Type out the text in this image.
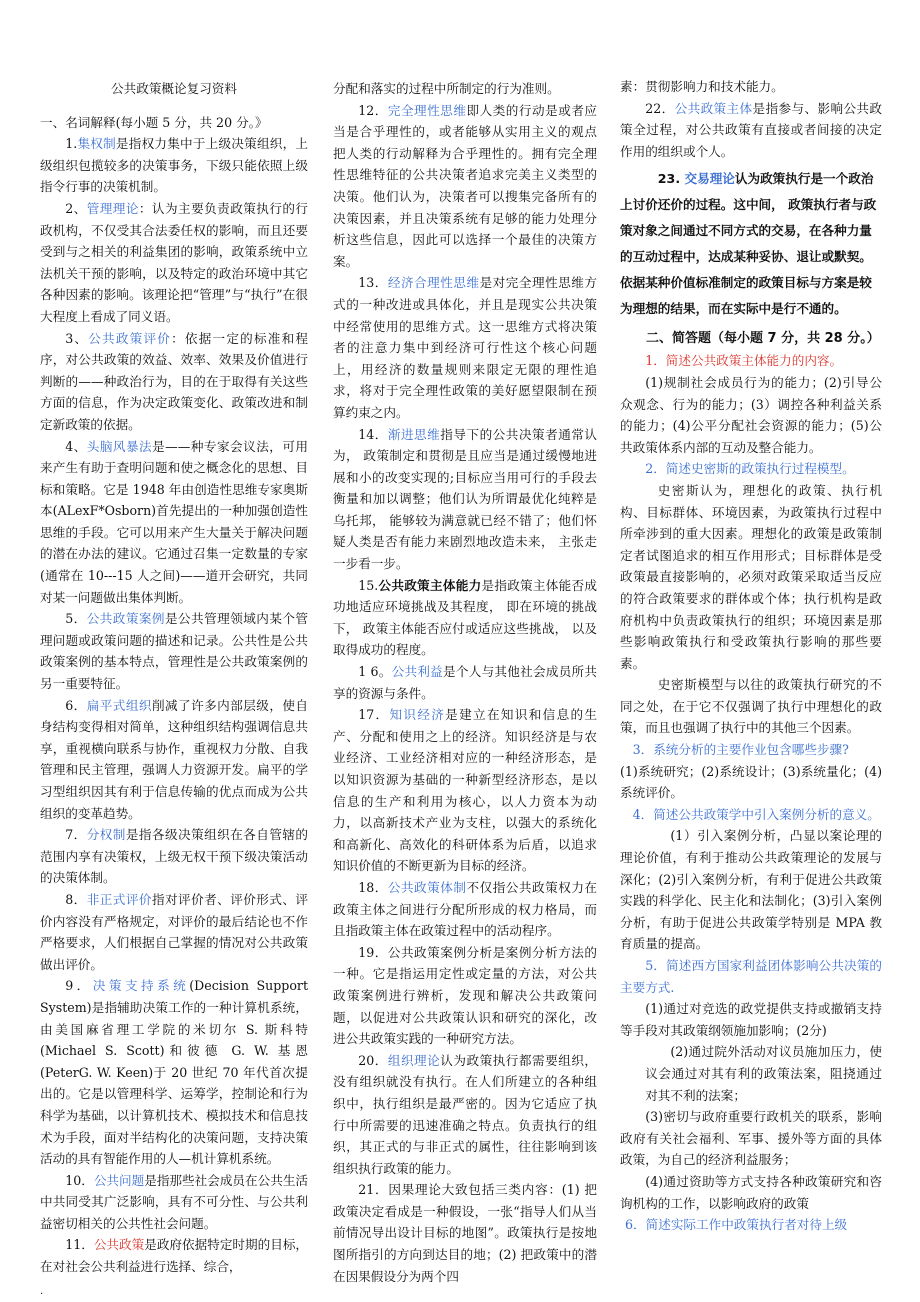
公共政策概论复习资料

一、名词解释(每小题 5 分，共 20 分。》

1.集权制是指权力集中于上级决策组织，上级组织包揽较多的决策事务，下级只能依照上级指令行事的决策机制。

2、管理理论：认为主要负责政策执行的行政机构，不仅受其合法委任权的影响，而且还要受到与之相关的利益集团的影响，政策系统中立法机关干预的影响，以及特定的政治环境中其它各种因素的影响。该理论把“管理”与“执行”在很大程度上看成了同义语。

3、公共政策评价：依据一定的标准和程序，对公共政策的效益、效率、效果及价值进行判断的——种政治行为，目的在于取得有关这些方面的信息，作为决定政策变化、政策改进和制定新政策的依据。

4、头脑风暴法是——种专家会议法，可用来产生有助于查明问题和使之概念化的思想、目标和策略。它是 1948 年由创造性思维专家奥斯本(ALexF*Osborn)首先提出的一种加强创造性思维的手段。它可以用来产生大量关于解决问题的潜在办法的建议。它通过召集一定数量的专家(通常在 10---15 人之间)——道开会研究，共同对某一问题做出集体判断。

5．公共政策案例是公共管理领域内某个管理问题或政策问题的描述和记录。公共性是公共政策案例的基本特点，管理性是公共政策案例的另一重要特征。

6．扁平式组织削减了许多内部层级，使自身结构变得相对简单，这种组织结构强调信息共享，重视横向联系与协作，重视权力分散、自我管理和民主管理，强调人力资源开发。扁平的学习型组织因其有利于信息传输的优点而成为公共组织的变革趋势。

7．分权制是指各级决策组织在各自管辖的范围内享有决策权，上级无权干预下级决策活动的决策体制。

8．非正式评价指对评价者、评价形式、评价内容没有严格规定，对评价的最后结论也不作严格要求，人们根据自己掌握的情况对公共政策做出评价。

9．决策支持系统(Decision Support System)是指辅助决策工作的一种计算机系统，由美国麻省理工学院的米切尔 S. 斯科特(Michael S. Scott)和彼德 G. W. 基恩(PeterG. W. Keen)于 20 世纪 70 年代首次提出的。它是以管理科学、运筹学，控制论和行为科学为基础，以计算机技术、模拟技术和信息技术为手段，面对半结构化的决策问题，支持决策活动的具有智能作用的人—机计算机系统。

10．公共问题是指那些社会成员在公共生活中共同受其广泛影响，具有不可分性、与公共利益密切相关的公共性社会问题。

11．公共政策是政府依据特定时期的目标，在对社会公共利益进行选择、综合，

分配和落实的过程中所制定的行为准则。

12．完全理性思维即人类的行动是或者应当是合乎理性的，或者能够从实用主义的观点把人类的行动解释为合乎理性的。拥有完全理性思维特征的公共决策者追求完美主义类型的决策。他们认为，决策者可以搜集完备所有的决策因素，并且决策系统有足够的能力处理分析这些信息，因此可以选择一个最佳的决策方案。

13．经济合理性思维是对完全理性思维方式的一种改进或具体化，并且是现实公共决策中经常使用的思维方式。这一思维方式将决策者的注意力集中到经济可行性这个核心问题上，用经济的数量规则来限定无限的理性追求，将对于完全理性政策的美好愿望限制在预算约束之内。

14．渐进思维指导下的公共决策者通常认为， 政策制定和贯彻是且应当是通过缓慢地进展和小的改变实现的;目标应当用可行的手段去衡量和加以调整；他们认为所谓最优化纯粹是乌托邦， 能够较为满意就已经不错了；他们怀疑人类是否有能力来剧烈地改造未来， 主张走一步看一步。

15.公共政策主体能力是指政策主体能否成功地适应环境挑战及其程度， 即在环境的挑战下， 政策主体能否应付或适应这些挑战， 以及取得成功的程度。

1 6。公共利益是个人与其他社会成员所共享的资源与条件。

17．知识经济是建立在知识和信息的生产、分配和使用之上的经济。知识经济是与农业经济、工业经济相对应的一种经济形态，是以知识资源为基础的一种新型经济形态，是以信息的生产和利用为核心，以人力资本为动力，以高新技术产业为支柱，以强大的系统化和高新化、高效化的科研体系为后盾，以追求知识价值的不断更新为目标的经济。

18．公共政策体制不仅指公共政策权力在政策主体之间进行分配所形成的权力格局，而且指政策主体在政策过程中的活动程序。

19．公共政策案例分析是案例分析方法的一种。它是指运用定性或定量的方法，对公共政策案例进行辨析，发现和解决公共政策问题，以促进对公共政策认识和研究的深化，改进公共政策实践的一种研究方法。

20．组织理论认为政策执行都需要组织，没有组织就没有执行。在人们所建立的各种组织中，执行组织是最严密的。因为它适应了执行中所需要的迅速准确之特点。负责执行的组织，其正式的与非正式的属性，往往影响到该组织执行政策的能力。

21．因果理论大致包括三类内容：(1) 把政策决定看成是一种假设，一张“指导人们从当前情况导出设计目标的地图”。政策执行是按地图所指引的方向到达目的地；(2) 把政策中的潜在因果假设分为两个四

素：贯彻影响力和技术能力。

22．公共政策主体是指参与、影响公共政策全过程，对公共政策有直接或者间接的决定作用的组织或个人。

23. 交易理论认为政策执行是一个政治上讨价还价的过程。这中间， 政策执行者与政策对象之间通过不同方式的交易，在各种力量的互动过程中，达成某种妥协、退让或默契。依据某种价值标准制定的政策目标与方案是较为理想的结果，而在实际中是行不通的。

二、简答题（每小题 7 分，共 28 分。）

1．简述公共政策主体能力的内容。

(1)规制社会成员行为的能力；(2)引导公众观念、行为的能力；(3）调控各种利益关系的能力；(4)公平分配社会资源的能力；(5)公共政策体系内部的互动及整合能力。

2．简述史密斯的政策执行过程模型。

史密斯认为，理想化的政策、执行机构、目标群体、环境因素，为政策执行过程中所牵涉到的重大因素。理想化的政策是政策制定者试图追求的相互作用形式；目标群体是受政策最直接影响的，必须对政策采取适当反应的符合政策要求的群体或个体；执行机构是政府机构中负责政策执行的组织；环境因素是那些影响政策执行和受政策执行影响的那些要素。

史密斯模型与以往的政策执行研究的不同之处，在于它不仅强调了执行中理想化的政策，而且也强调了执行中的其他三个因素。

3．系统分析的主要作业包含哪些步骤?

(1)系统研究；(2)系统设计；(3)系统量化；(4)系统评价。

4．简述公共政策学中引入案例分析的意义。

(1）引入案例分析，凸显以案论理的理论价值，有利于推动公共政策理论的发展与深化；(2)引入案例分析，有利于促进公共政策实践的科学化、民主化和法制化；(3)引入案例分析，有助于促进公共政策学特别是 MPA 教育质量的提高。

5．简述西方国家利益团体影响公共决策的主要方式.

(1)通过对竞选的政党提供支持或撤销支持等手段对其政策纲领施加影响；(2分)

(2)通过院外活动对议员施加压力，使议会通过对其有利的政策法案，阻挠通过对其不利的法案；

(3)密切与政府重要行政机关的联系，影响政府有关社会福利、军事、援外等方面的具体政策，为自己的经济利益服务；

(4)通过资助等方式支持各种政策研究和咨询机构的工作，以影响政府的政策

6．简述实际工作中政策执行者对待上级

.
